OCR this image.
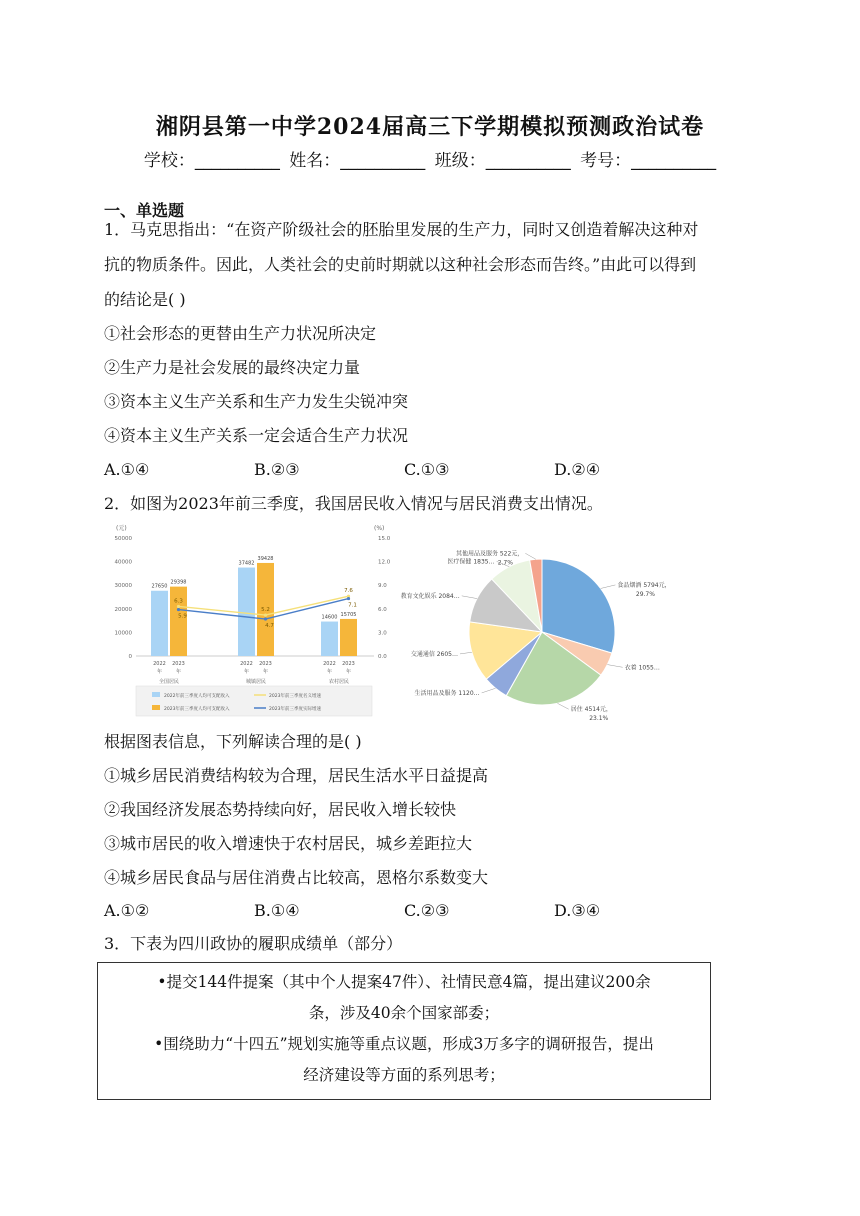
湘阴县第一中学2024届高三下学期模拟预测政治试卷
学校：__________ 姓名：__________ 班级：__________ 考号：__________
一、单选题
1．马克思指出：“在资产阶级社会的胚胎里发展的生产力，同时又创造着解决这种对
抗的物质条件。因此，人类社会的史前时期就以这种社会形态而告终。”由此可以得到
的结论是( )
①社会形态的更替由生产力状况所决定
②生产力是社会发展的最终决定力量
③资本主义生产关系和生产力发生尖锐冲突
④资本主义生产关系一定会适合生产力状况
A.①④	B.②③	C.①③	D.②④
2．如图为2023年前三季度，我国居民收入情况与居民消费支出情况。
(元)	(%)
50000
40000
30000
20000
10000
0
15.0
12.0
9.0
6.0
3.0
0.0
27650
29398
37482
39428
14600 15705
6.3
5.2
7.6
5.9
4.7
7.1
2022
年
2023
年
全国居民
2022
年
2023
年
城镇居民
2022
年
2023
年
农村居民
2022年前三季度人均可支配收入
2023年前三季度人均可支配收入
2023年前三季度名义增速
2023年前三季度实际增速
食品烟酒 5794元，
29.7%
衣着 1055…
居住 4514元，
23.1%
生活用品及服务 1120…
交通通信 2605…
教育文化娱乐 2084…
医疗保健 1835…
其他用品及服务 522元，
2.7%
根据图表信息，下列解读合理的是( )
①城乡居民消费结构较为合理，居民生活水平日益提高
②我国经济发展态势持续向好，居民收入增长较快
③城市居民的收入增速快于农村居民，城乡差距拉大
④城乡居民食品与居住消费占比较高，恩格尔系数变大
A.①②	B.①④	C.②③	D.③④
3．下表为四川政协的履职成绩单（部分）

•提交144件提案（其中个人提案47件）、社情民意4篇，提出建议200余

条，涉及40余个国家部委；

•围绕助力“十四五”规划实施等重点议题，形成3万多字的调研报告，提出

经济建设等方面的系列思考；
